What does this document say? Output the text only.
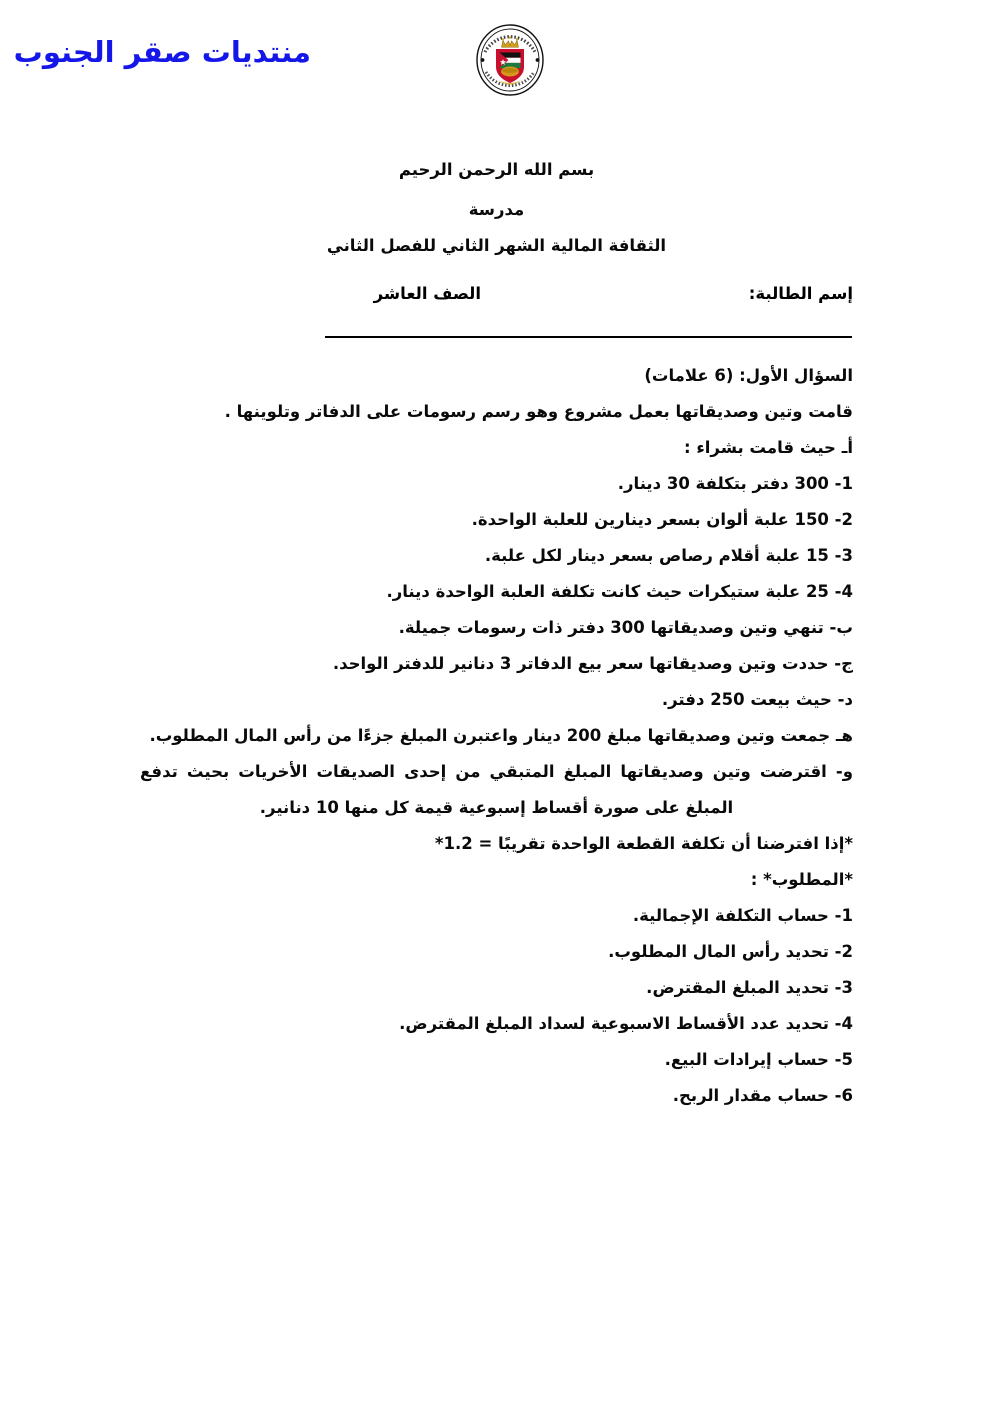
منتديات صقر الجنوب
بسم الله الرحمن الرحيم
مدرسة
الثقافة المالية الشهر الثاني للفصل الثاني
إسم الطالبة:
الصف العاشر

السؤال الأول: (6 علامات)

قامت وتين وصديقاتها بعمل مشروع وهو رسم رسومات على الدفاتر وتلوينها .

أـ حيث قامت بشراء :

1- 300 دفتر بتكلفة 30 دينار.

2- 150 علبة ألوان بسعر دينارين للعلبة الواحدة.

3- 15 علبة أقلام رصاص بسعر دينار لكل علبة.

4- 25 علبة ستيكرات حيث كانت تكلفة العلبة الواحدة دينار.

ب- تنهي وتين وصديقاتها 300 دفتر ذات رسومات جميلة.

ج- حددت وتين وصديقاتها سعر بيع الدفاتر 3 دنانير للدفتر الواحد.

د- حيث بيعت 250 دفتر.

هـ جمعت وتين وصديقاتها مبلغ 200 دينار واعتبرن المبلغ جزءًا من رأس المال المطلوب.

و- اقترضت وتين وصديقاتها المبلغ المتبقي من إحدى الصديقات الأخريات بحيث تدفع المبلغ على صورة أقساط إسبوعية قيمة كل منها 10 دنانير.

*إذا افترضنا أن تكلفة القطعة الواحدة تقريبًا = 1.2*

*المطلوب* :

1- حساب التكلفة الإجمالية.

2- تحديد رأس المال المطلوب.

3- تحديد المبلغ المقترض.

4- تحديد عدد الأقساط الاسبوعية لسداد المبلغ المقترض.

5- حساب إيرادات البيع.

6- حساب مقدار الربح.
